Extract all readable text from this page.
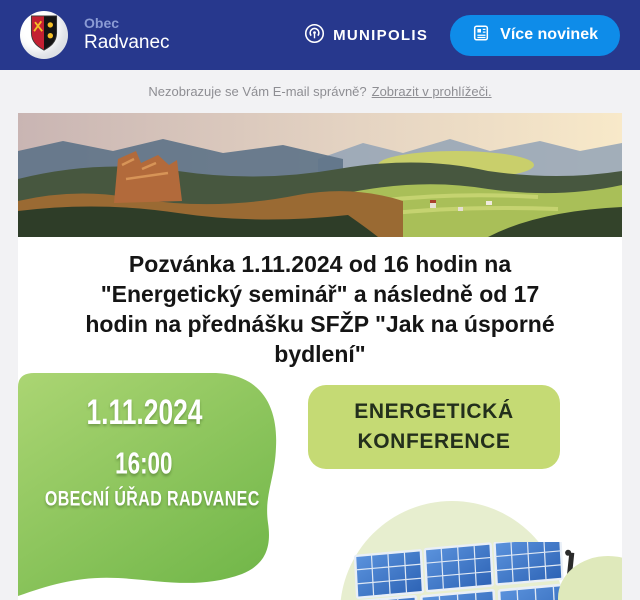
Obec
Radvanec	MUNIPOLIS	Více novinek
Nezobrazuje se Vám E-mail správně? Zobrazit v prohlížeči.
Pozvánka 1.11.2024 od 16 hodin na
"Energetický seminář" a následně od 17
hodin na přednášku SFŽP "Jak na úsporné
bydlení"
1.11.2024
16:00
OBECNÍ ÚŘAD RADVANEC
ENERGETICKÁ
KONFERENCE
